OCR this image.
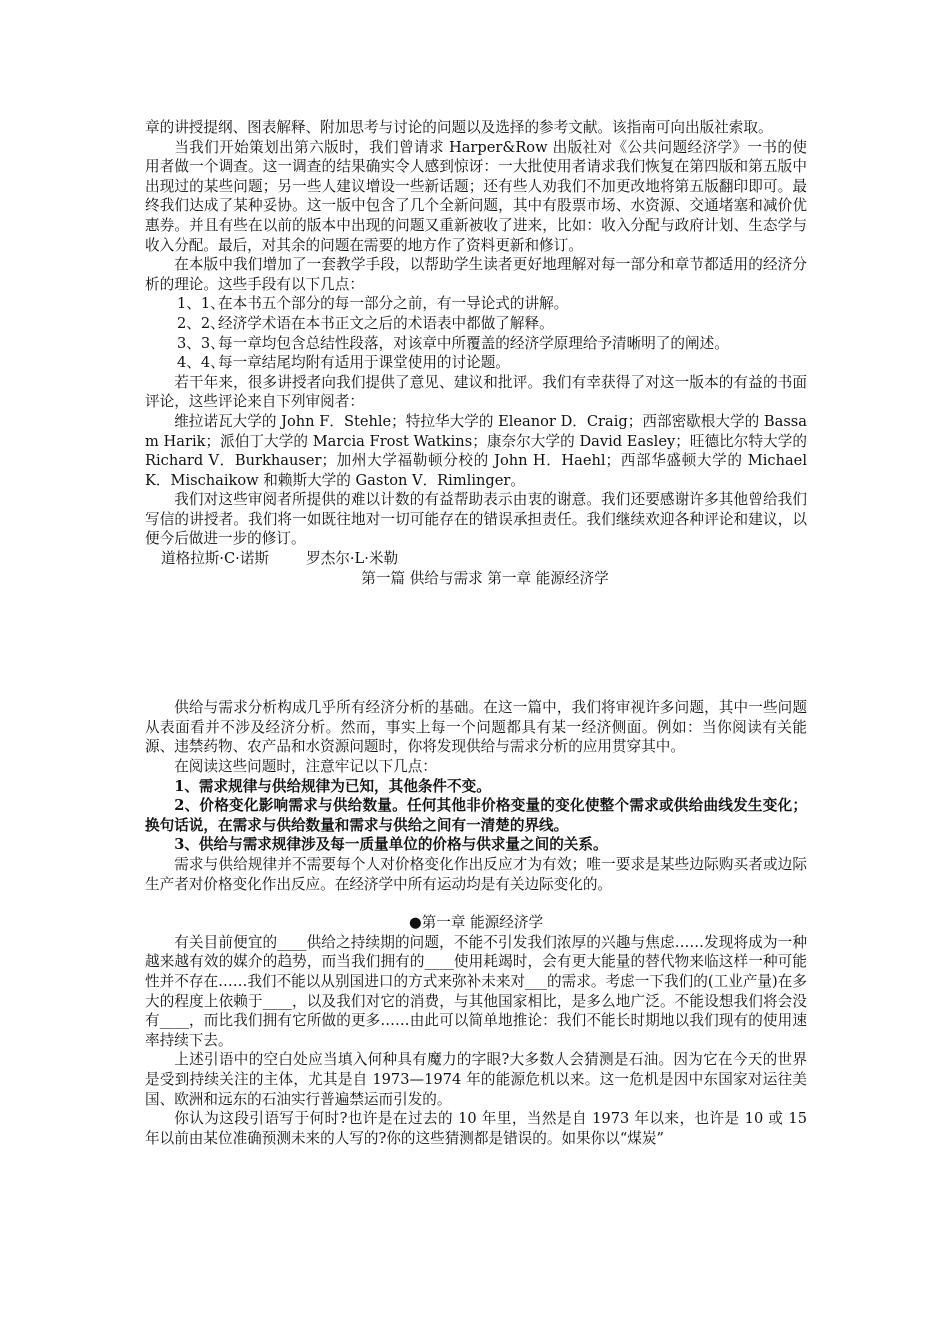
章的讲授提纲、图表解释、附加思考与讨论的问题以及选择的参考文献。该指南可向出版社索取。

当我们开始策划出第六版时，我们曾请求 Harper&Row 出版社对《公共问题经济学》一书的使用者做一个调查。这一调查的结果确实令人感到惊讶：一大批使用者请求我们恢复在第四版和第五版中出现过的某些问题；另一些人建议增设一些新话题；还有些人劝我们不加更改地将第五版翻印即可。最终我们达成了某种妥协。这一版中包含了几个全新问题，其中有股票市场、水资源、交通堵塞和减价优惠券。并且有些在以前的版本中出现的问题又重新被收了进来，比如：收入分配与政府计划、生态学与收入分配。最后，对其余的问题在需要的地方作了资料更新和修订。

在本版中我们增加了一套教学手段，以帮助学生读者更好地理解对每一部分和章节都适用的经济分析的理论。这些手段有以下几点：

1、1、
在本书五个部分的每一部分之前，有一导论式的讲解。
2、2、
经济学术语在本书正文之后的术语表中都做了解释。
3、3、
每一章均包含总结性段落，对该章中所覆盖的经济学原理给予清晰明了的阐述。
4、4、
每一章结尾均附有适用于课堂使用的讨论题。

若干年来，很多讲授者向我们提供了意见、建议和批评。我们有幸获得了对这一版本的有益的书面评论，这些评论来自下列审阅者：

维拉诺瓦大学的 John F．Stehle；特拉华大学的 Eleanor D．Craig；西部密歇根大学的 Bassam Harik；派伯丁大学的 Marcia Frost Watkins；康奈尔大学的 David Easley；旺德比尔特大学的 Richard V．Burkhauser；加州大学福勒顿分校的 John H．Haehl；西部华盛顿大学的 Michael K．Mischaikow 和赖斯大学的 Gaston V．Rimlinger。

我们对这些审阅者所提供的难以计数的有益帮助表示由衷的谢意。我们还要感谢许多其他曾给我们写信的讲授者。我们将一如既往地对一切可能存在的错误承担责任。我们继续欢迎各种评论和建议，以便今后做进一步的修订。

道格拉斯·C·诺斯        罗杰尔·L·米勒
第一篇 供给与需求 第一章 能源经济学

供给与需求分析构成几乎所有经济分析的基础。在这一篇中，我们将审视许多问题，其中一些问题从表面看并不涉及经济分析。然而，事实上每一个问题都具有某一经济侧面。例如：当你阅读有关能源、违禁药物、农产品和水资源问题时，你将发现供给与需求分析的应用贯穿其中。

在阅读这些问题时，注意牢记以下几点：

1、需求规律与供给规律为已知，其他条件不变。

2、价格变化影响需求与供给数量。任何其他非价格变量的变化使整个需求或供给曲线发生变化；换句话说，在需求与供给数量和需求与供给之间有一清楚的界线。

3、供给与需求规律涉及每一质量单位的价格与供求量之间的关系。

需求与供给规律并不需要每个人对价格变化作出反应才为有效；唯一要求是某些边际购买者或边际生产者对价格变化作出反应。在经济学中所有运动均是有关边际变化的。

●第一章 能源经济学

有关目前便宜的____供给之持续期的问题，不能不引发我们浓厚的兴趣与焦虑……发现将成为一种越来越有效的媒介的趋势，而当我们拥有的____使用耗竭时，会有更大能量的替代物来临这样一种可能性并不存在……我们不能以从别国进口的方式来弥补未来对___的需求。考虑一下我们的(工业产量)在多大的程度上依赖于____，以及我们对它的消费，与其他国家相比，是多么地广泛。不能设想我们将会没有____，而比我们拥有它所做的更多……由此可以简单地推论：我们不能长时期地以我们现有的使用速率持续下去。

上述引语中的空白处应当填入何种具有魔力的字眼?大多数人会猜测是石油。因为它在今天的世界是受到持续关注的主体，尤其是自 1973—1974 年的能源危机以来。这一危机是因中东国家对运往美国、欧洲和远东的石油实行普遍禁运而引发的。

你认为这段引语写于何时?也许是在过去的 10 年里，当然是自 1973 年以来，也许是 10 或 15 年以前由某位准确预测未来的人写的?你的这些猜测都是错误的。如果你以“煤炭”
